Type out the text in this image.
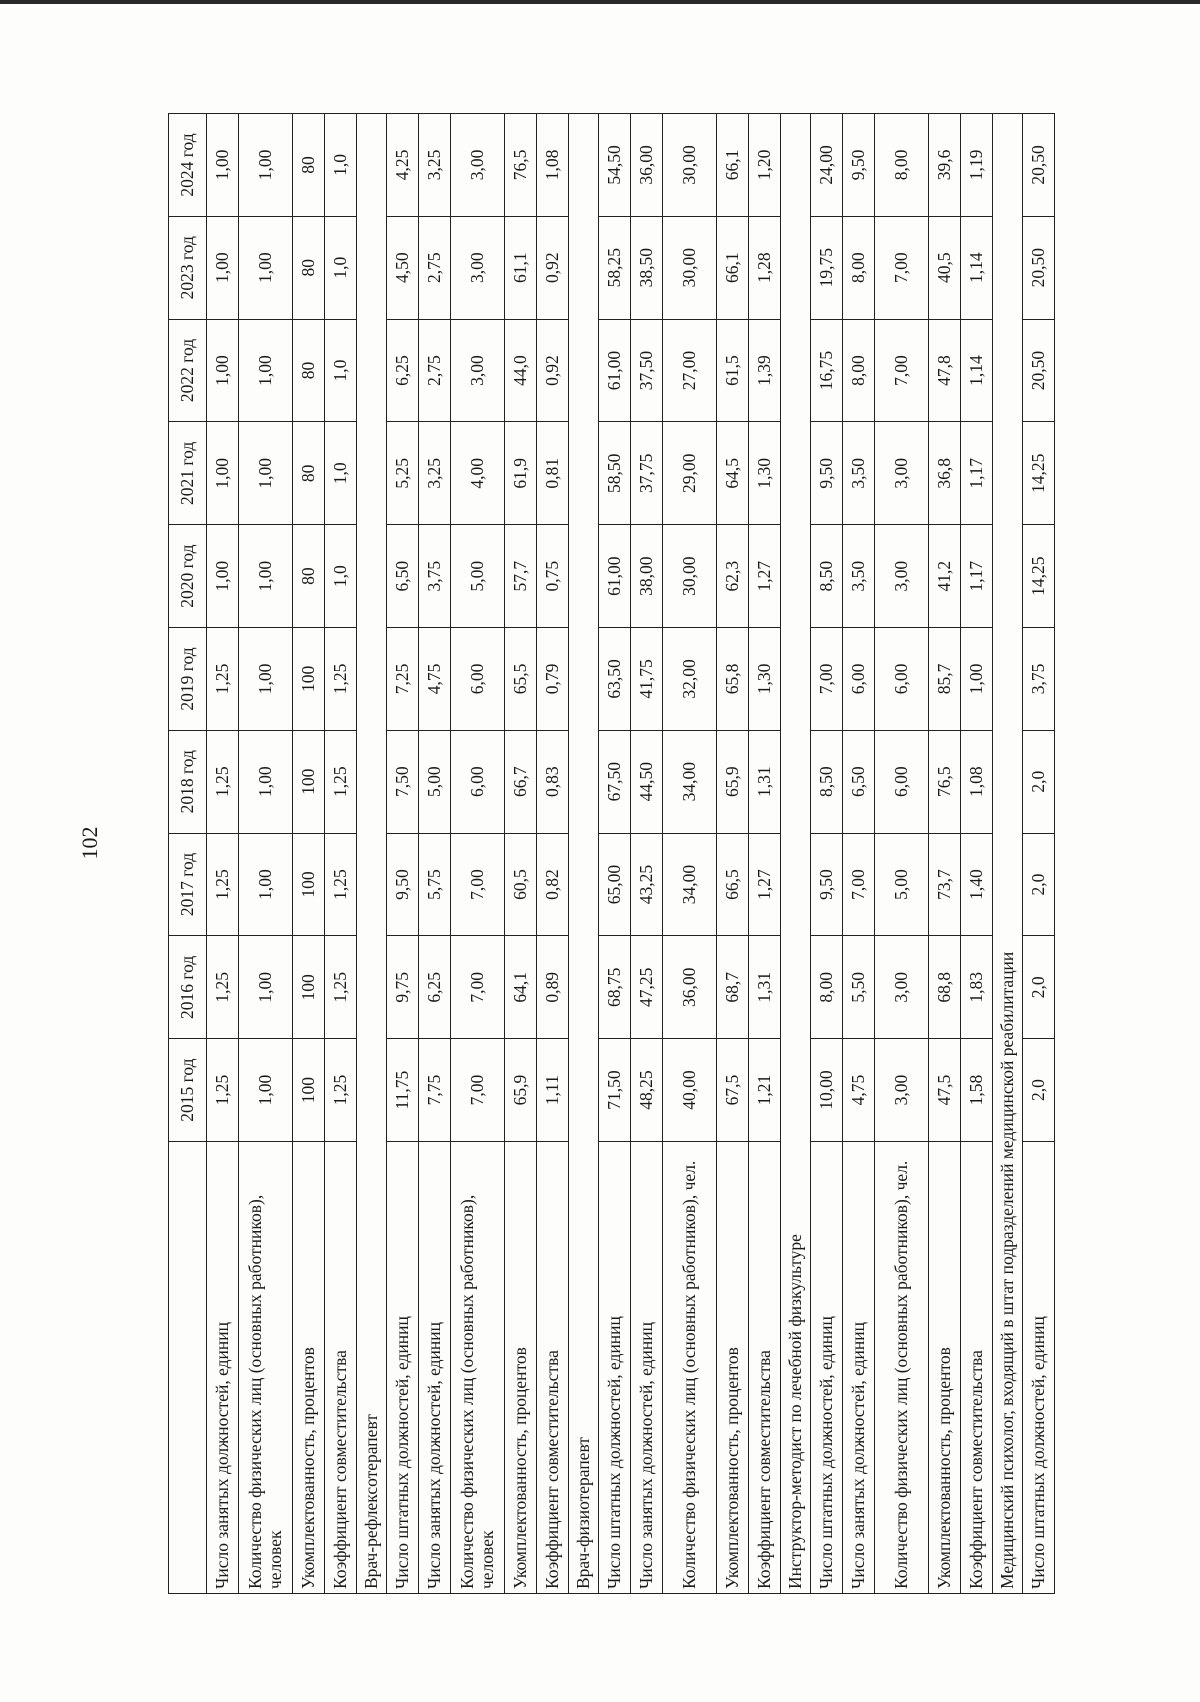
102
	2015 год	2016 год	2017 год	2018 год	2019 год	2020 год	2021 год	2022 год	2023 год	2024 год
Число занятых должностей, единиц	1,25	1,25	1,25	1,25	1,25	1,00	1,00	1,00	1,00	1,00
Количество физических лиц (основных работников), человек	1,00	1,00	1,00	1,00	1,00	1,00	1,00	1,00	1,00	1,00
Укомплектованность, процентов	100	100	100	100	100	80	80	80	80	80
Коэффициент совместительства	1,25	1,25	1,25	1,25	1,25	1,0	1,0	1,0	1,0	1,0
Врач-рефлексотерапевт										
Число штатных должностей, единиц	11,75	9,75	9,50	7,50	7,25	6,50	5,25	6,25	4,50	4,25
Число занятых должностей, единиц	7,75	6,25	5,75	5,00	4,75	3,75	3,25	2,75	2,75	3,25
Количество физических лиц (основных работников), человек	7,00	7,00	7,00	6,00	6,00	5,00	4,00	3,00	3,00	3,00
Укомплектованность, процентов	65,9	64,1	60,5	66,7	65,5	57,7	61,9	44,0	61,1	76,5
Коэффициент совместительства	1,11	0,89	0,82	0,83	0,79	0,75	0,81	0,92	0,92	1,08
Врач-физиотерапевт										
Число штатных должностей, единиц	71,50	68,75	65,00	67,50	63,50	61,00	58,50	61,00	58,25	54,50
Число занятых должностей, единиц	48,25	47,25	43,25	44,50	41,75	38,00	37,75	37,50	38,50	36,00
Количество физических лиц (основных работников), чел.	40,00	36,00	34,00	34,00	32,00	30,00	29,00	27,00	30,00	30,00
Укомплектованность, процентов	67,5	68,7	66,5	65,9	65,8	62,3	64,5	61,5	66,1	66,1
Коэффициент совместительства	1,21	1,31	1,27	1,31	1,30	1,27	1,30	1,39	1,28	1,20
Инструктор-методист по лечебной физкультуре										
Число штатных должностей, единиц	10,00	8,00	9,50	8,50	7,00	8,50	9,50	16,75	19,75	24,00
Число занятых должностей, единиц	4,75	5,50	7,00	6,50	6,00	3,50	3,50	8,00	8,00	9,50
Количество физических лиц (основных работников), чел.	3,00	3,00	5,00	6,00	6,00	3,00	3,00	7,00	7,00	8,00
Укомплектованность, процентов	47,5	68,8	73,7	76,5	85,7	41,2	36,8	47,8	40,5	39,6
Коэффициент совместительства	1,58	1,83	1,40	1,08	1,00	1,17	1,17	1,14	1,14	1,19
Медицинский психолог, входящий в штат подразделений медицинской реабилитации										
Число штатных должностей, единиц	2,0	2,0	2,0	2,0	3,75	14,25	14,25	20,50	20,50	20,50
